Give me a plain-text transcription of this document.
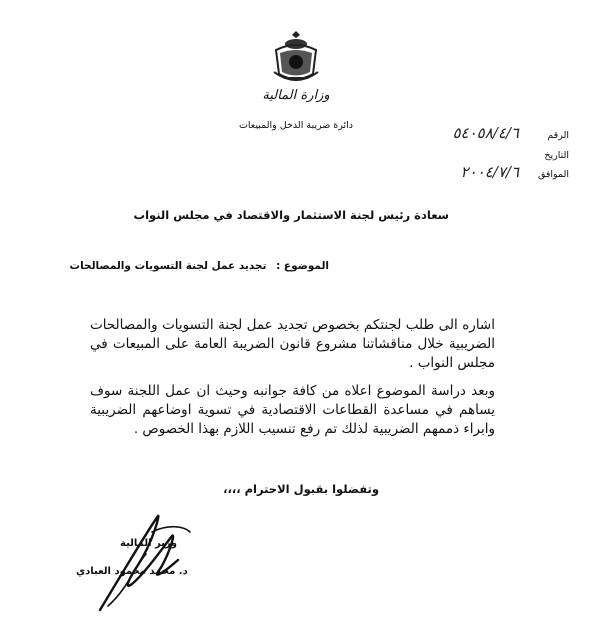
وزارة المالية
دائرة ضريبة الدخل والمبيعات
الرقم
٥٤٠٥٨/٤/٦
التاريخ
الموافق
٢٠٠٤/٧/٦
سعادة رئيس لجنة الاستثمار والاقتصاد في مجلس النواب
الموضوع : تجديد عمل لجنة التسويات والمصالحات
اشاره الى طلب لجنتكم بخصوص تجديد عمل لجنة التسويات والمصالحات الضريبية خلال مناقشاتنا مشروع قانون الضريبة العامة على المبيعات في مجلس النواب .
وبعد دراسة الموضوع اعلاه من كافة جوانبه وحيث ان عمل اللجنة سوف يساهم في مساعدة القطاعات الاقتصادية في تسوية اوضاعهم الضريبية وابراء ذممهم الضريبية لذلك تم رفع تنسيب اللازم بهذا الخصوص .
وتفضلوا بقبول الاحترام ،،،،
وزير المالية
د. محمد محمود العبادي
